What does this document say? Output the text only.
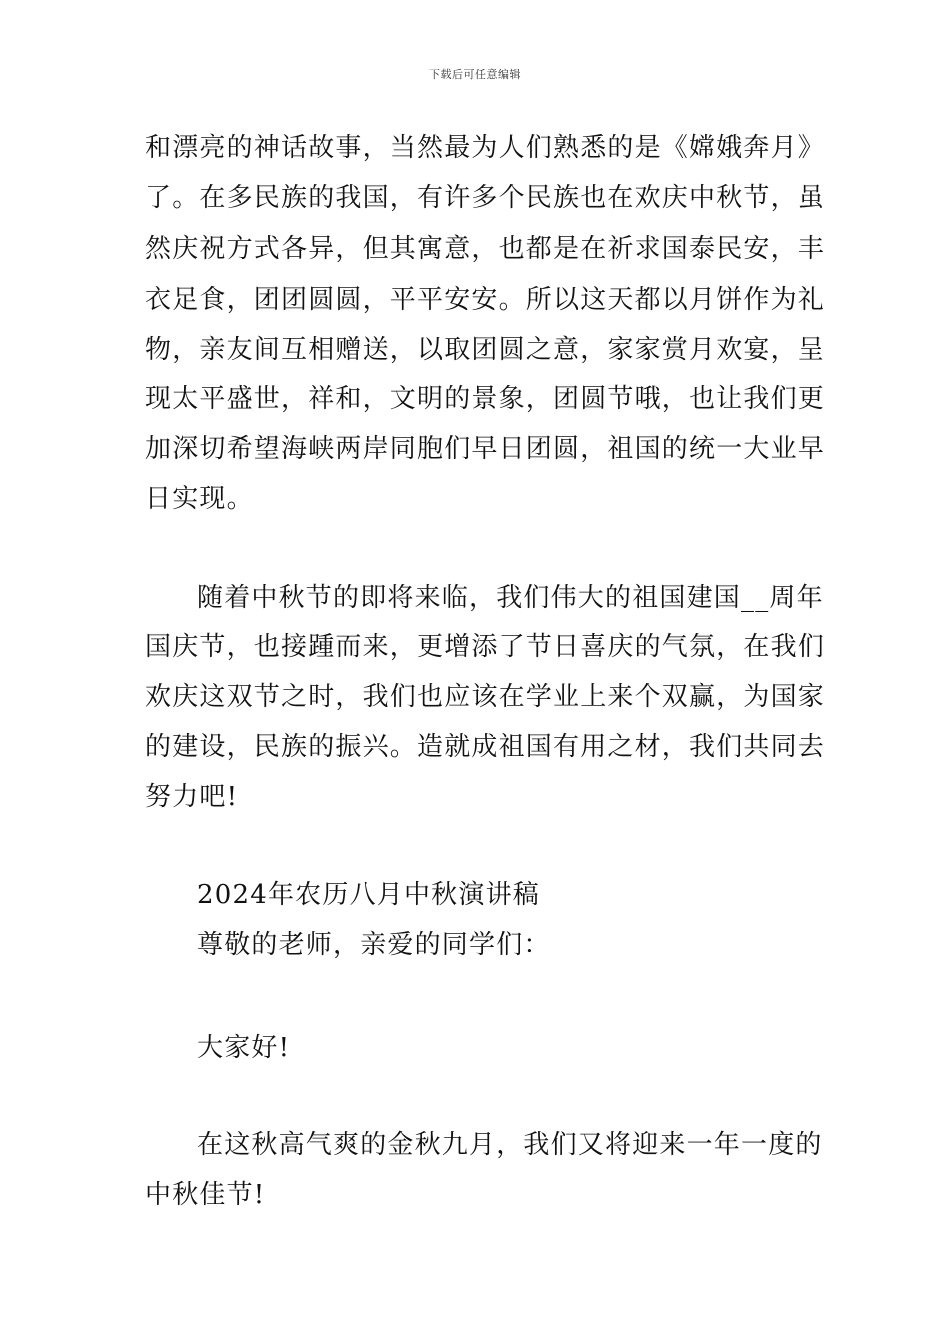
下载后可任意编辑
和漂亮的神话故事，当然最为人们熟悉的是《嫦娥奔月》
了。在多民族的我国，有许多个民族也在欢庆中秋节，虽
然庆祝方式各异，但其寓意，也都是在祈求国泰民安，丰
衣足食，团团圆圆，平平安安。所以这天都以月饼作为礼
物，亲友间互相赠送，以取团圆之意，家家赏月欢宴，呈
现太平盛世，祥和，文明的景象，团圆节哦，也让我们更
加深切希望海峡两岸同胞们早日团圆，祖国的统一大业早
日实现。
随着中秋节的即将来临，我们伟大的祖国建国__周年
国庆节，也接踵而来，更增添了节日喜庆的气氛，在我们
欢庆这双节之时，我们也应该在学业上来个双赢，为国家
的建设，民族的振兴。造就成祖国有用之材，我们共同去
努力吧!
2024年农历八月中秋演讲稿
尊敬的老师，亲爱的同学们：
大家好!
在这秋高气爽的金秋九月，我们又将迎来一年一度的
中秋佳节!
